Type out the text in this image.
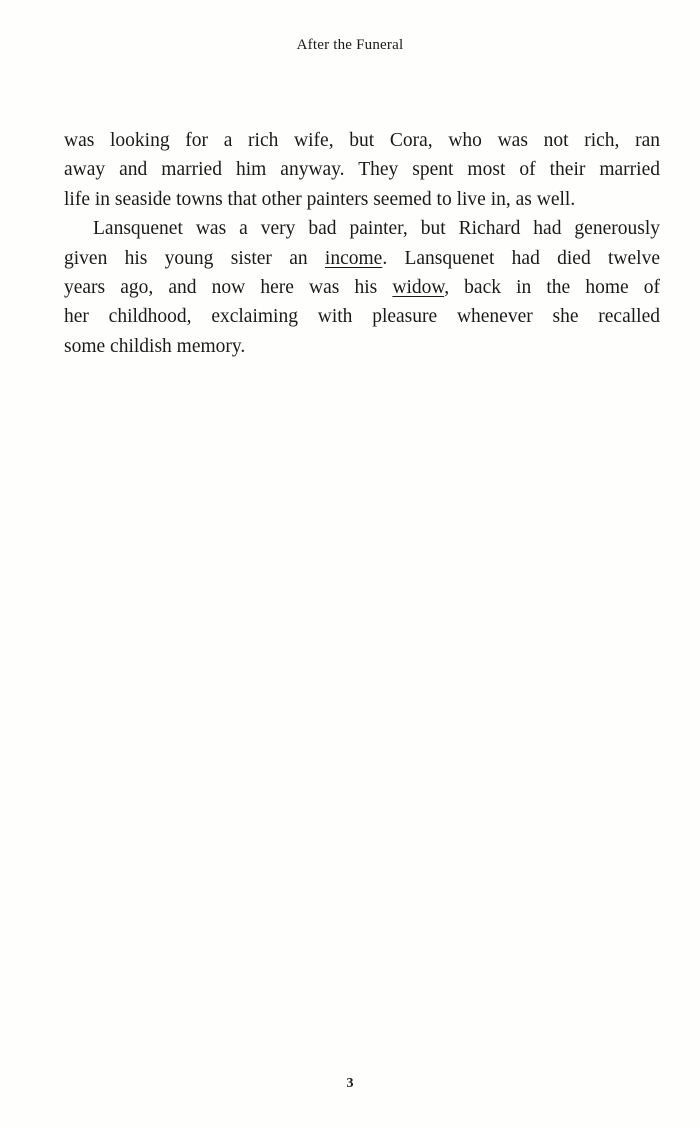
After the Funeral

was looking for a rich wife, but Cora, who was not rich, ran
away and married him anyway. They spent most of their married
life in seaside towns that other painters seemed to live in, as well.

Lansquenet was a very bad painter, but Richard had generously
given his young sister an income. Lansquenet had died twelve
years ago, and now here was his widow, back in the home of
her childhood, exclaiming with pleasure whenever she recalled
some childish memory.

3
